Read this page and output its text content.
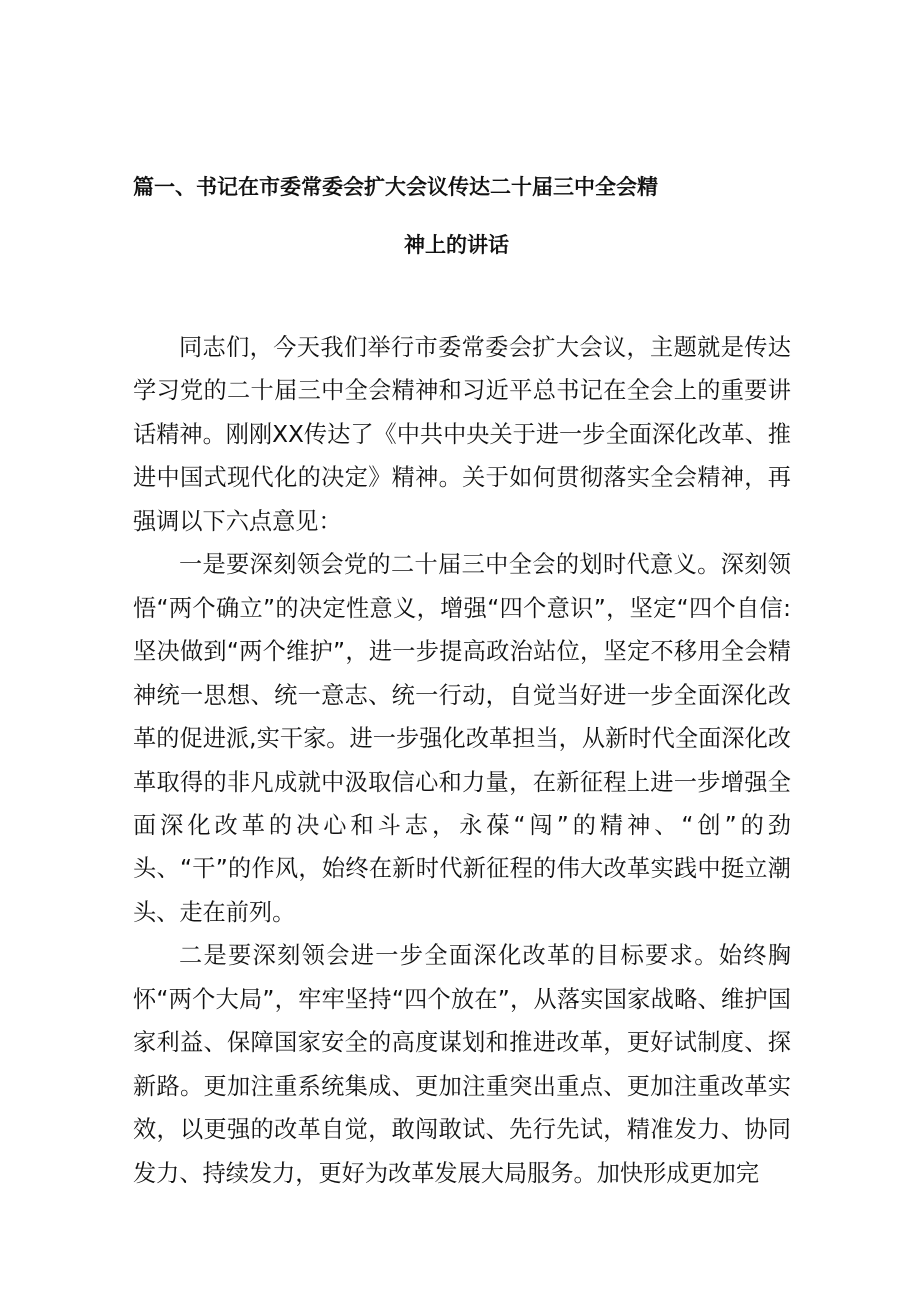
篇一、书记在市委常委会扩大会议传达二十届三中全会精
神上的讲话

同志们，今天我们举行市委常委会扩大会议，主题就是传达学习党的二十届三中全会精神和习近平总书记在全会上的重要讲话精神。刚刚XX传达了《中共中央关于进一步全面深化改革、推进中国式现代化的决定》精神。关于如何贯彻落实全会精神，再强调以下六点意见：

一是要深刻领会党的二十届三中全会的划时代意义。深刻领悟“两个确立”的决定性意义，增强“四个意识”，坚定“四个自信:坚决做到“两个维护”，进一步提高政治站位，坚定不移用全会精神统一思想、统一意志、统一行动，自觉当好进一步全面深化改革的促进派,实干家。进一步强化改革担当，从新时代全面深化改革取得的非凡成就中汲取信心和力量，在新征程上进一步增强全面深化改革的决心和斗志，永葆“闯”的精神、“创”的劲头、“干”的作风，始终在新时代新征程的伟大改革实践中挺立潮头、走在前列。

二是要深刻领会进一步全面深化改革的目标要求。始终胸怀“两个大局”，牢牢坚持“四个放在”，从落实国家战略、维护国家利益、保障国家安全的高度谋划和推进改革，更好试制度、探新路。更加注重系统集成、更加注重突出重点、更加注重改革实效，以更强的改革自觉，敢闯敢试、先行先试，精准发力、协同发力、持续发力，更好为改革发展大局服务。加快形成更加完
